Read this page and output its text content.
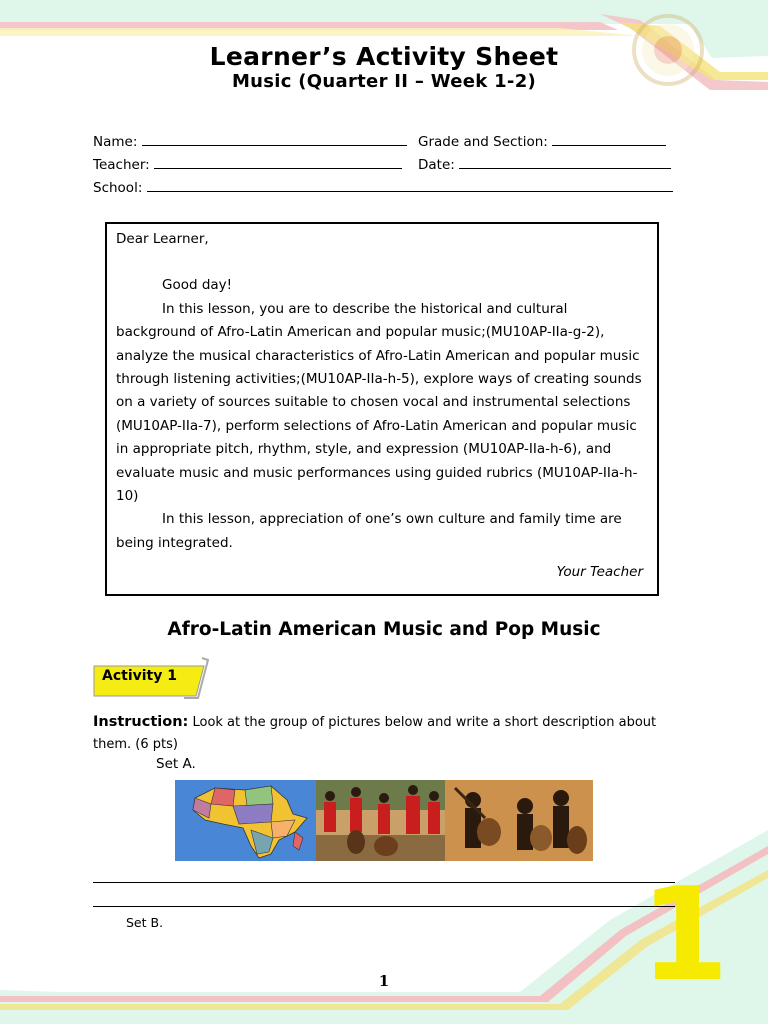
Learner’s Activity Sheet
Music (Quarter II – Week 1-2)
Name:	Grade and Section:
Teacher:	Date:
School:

Dear Learner,

Good day!

In this lesson, you are to describe the historical and cultural background of Afro-Latin American and popular music;(MU10AP-IIa-g-2), analyze the musical characteristics of Afro-Latin American and popular music through listening activities;(MU10AP-IIa-h-5), explore ways of creating sounds on a variety of sources suitable to chosen vocal and instrumental selections (MU10AP-IIa-7), perform selections of Afro-Latin American and popular music in appropriate pitch, rhythm, style, and expression (MU10AP-IIa-h-6), and evaluate music and music performances using guided rubrics (MU10AP-IIa-h-10)

In this lesson, appreciation of one’s own culture and family time are being integrated.

Your Teacher

Afro-Latin American Music and Pop Music
Activity 1
Instruction: Look at the group of pictures below and write a short description about them. (6 pts)
Set A.
Set B.
1	1
